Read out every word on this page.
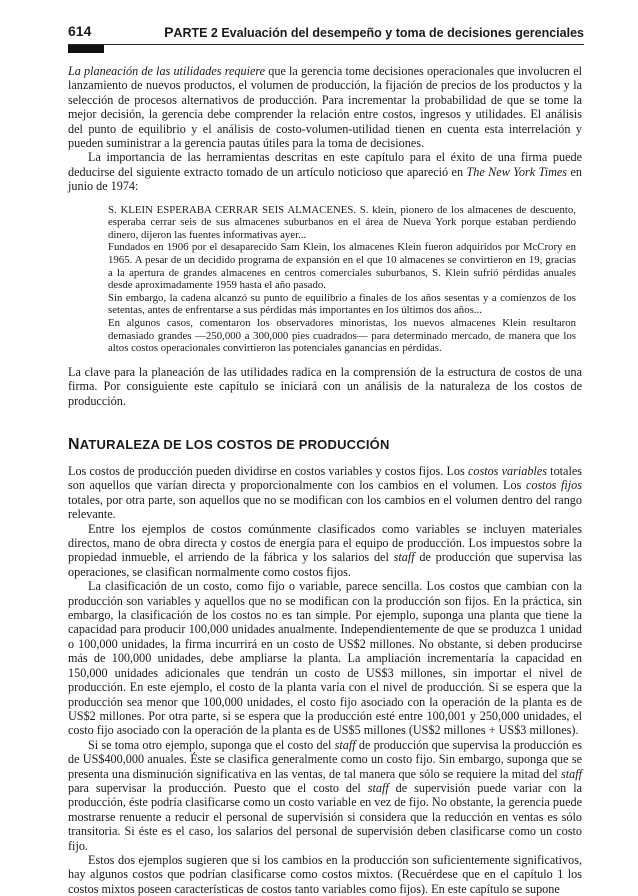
614	PARTE 2 Evaluación del desempeño y toma de decisiones gerenciales

La planeación de las utilidades requiere que la gerencia tome decisiones operacionales que involucren el lanzamiento de nuevos productos, el volumen de producción, la fijación de precios de los productos y la selección de procesos alternativos de producción. Para incrementar la probabilidad de que se tome la mejor decisión, la gerencia debe comprender la relación entre costos, ingresos y utilidades. El análisis del punto de equilibrio y el análisis de costo-volumen-utilidad tienen en cuenta esta interrelación y pueden suministrar a la gerencia pautas útiles para la toma de decisiones.

La importancia de las herramientas descritas en este capítulo para el éxito de una firma puede deducirse del siguiente extracto tomado de un artículo noticioso que apareció en The New York Times en junio de 1974:

S. KLEIN ESPERABA CERRAR SEIS ALMACENES. S. klein, pionero de los almacenes de descuento, esperaba cerrar seis de sus almacenes suburbanos en el área de Nueva York porque estaban perdiendo dinero, dijeron las fuentes informativas ayer...

Fundados en 1906 por el desaparecido Sam Klein, los almacenes Klein fueron adquiridos por McCrory en 1965. A pesar de un decidido programa de expansión en el que 10 almacenes se convirtieron en 19, gracias a la apertura de grandes almacenes en centros comerciales suburbanos, S. Klein sufrió pérdidas anuales desde aproximadamente 1959 hasta el año pasado.

Sin embargo, la cadena alcanzó su punto de equilibrio a finales de los años sesentas y a comienzos de los setentas, antes de enfrentarse a sus pérdidas más importantes en los últimos dos años...

En algunos casos, comentaron los observadores minoristas, los nuevos almacenes Klein resultaron demasiado grandes —250,000 a 300,000 pies cuadrados— para determinado mercado, de manera que los altos costos operacionales convirtieron las potenciales ganancias en pérdidas.

La clave para la planeación de las utilidades radica en la comprensión de la estructura de costos de una firma. Por consiguiente este capítulo se iniciará con un análisis de la naturaleza de los costos de producción.

NATURALEZA DE LOS COSTOS DE PRODUCCIÓN

Los costos de producción pueden dividirse en costos variables y costos fijos. Los costos variables totales son aquellos que varían directa y proporcionalmente con los cambios en el volumen. Los costos fijos totales, por otra parte, son aquellos que no se modifican con los cambios en el volumen dentro del rango relevante.

Entre los ejemplos de costos comúnmente clasificados como variables se incluyen materiales directos, mano de obra directa y costos de energía para el equipo de producción. Los impuestos sobre la propiedad inmueble, el arriendo de la fábrica y los salarios del staff de producción que supervisa las operaciones, se clasifican normalmente como costos fijos.

La clasificación de un costo, como fijo o variable, parece sencilla. Los costos que cambian con la producción son variables y aquellos que no se modifican con la producción son fijos. En la práctica, sin embargo, la clasificación de los costos no es tan simple. Por ejemplo, suponga una planta que tiene la capacidad para producir 100,000 unidades anualmente. Independientemente de que se produzca 1 unidad o 100,000 unidades, la firma incurrirá en un costo de US$2 millones. No obstante, si deben producirse más de 100,000 unidades, debe ampliarse la planta. La ampliación incrementaría la capacidad en 150,000 unidades adicionales que tendrán un costo de US$3 millones, sin importar el nivel de producción. En este ejemplo, el costo de la planta varía con el nivel de producción. Si se espera que la producción sea menor que 100,000 unidades, el costo fijo asociado con la operación de la planta es de US$2 millones. Por otra parte, si se espera que la producción esté entre 100,001 y 250,000 unidades, el costo fijo asociado con la operación de la planta es de US$5 millones (US$2 millones + US$3 millones).

Si se toma otro ejemplo, suponga que el costo del staff de producción que supervisa la producción es de US$400,000 anuales. Éste se clasifica generalmente como un costo fijo. Sin embargo, suponga que se presenta una disminución significativa en las ventas, de tal manera que sólo se requiere la mitad del staff para supervisar la producción. Puesto que el costo del staff de supervisión puede variar con la producción, éste podría clasificarse como un costo variable en vez de fijo. No obstante, la gerencia puede mostrarse renuente a reducir el personal de supervisión si considera que la reducción en ventas es sólo transitoria. Si éste es el caso, los salarios del personal de supervisión deben clasificarse como un costo fijo.

Estos dos ejemplos sugieren que si los cambios en la producción son suficientemente significativos, hay algunos costos que podrían clasificarse como costos mixtos. (Recuérdese que en el capítulo 1 los costos mixtos poseen características de costos tanto variables como fijos). En este capítulo se supone
